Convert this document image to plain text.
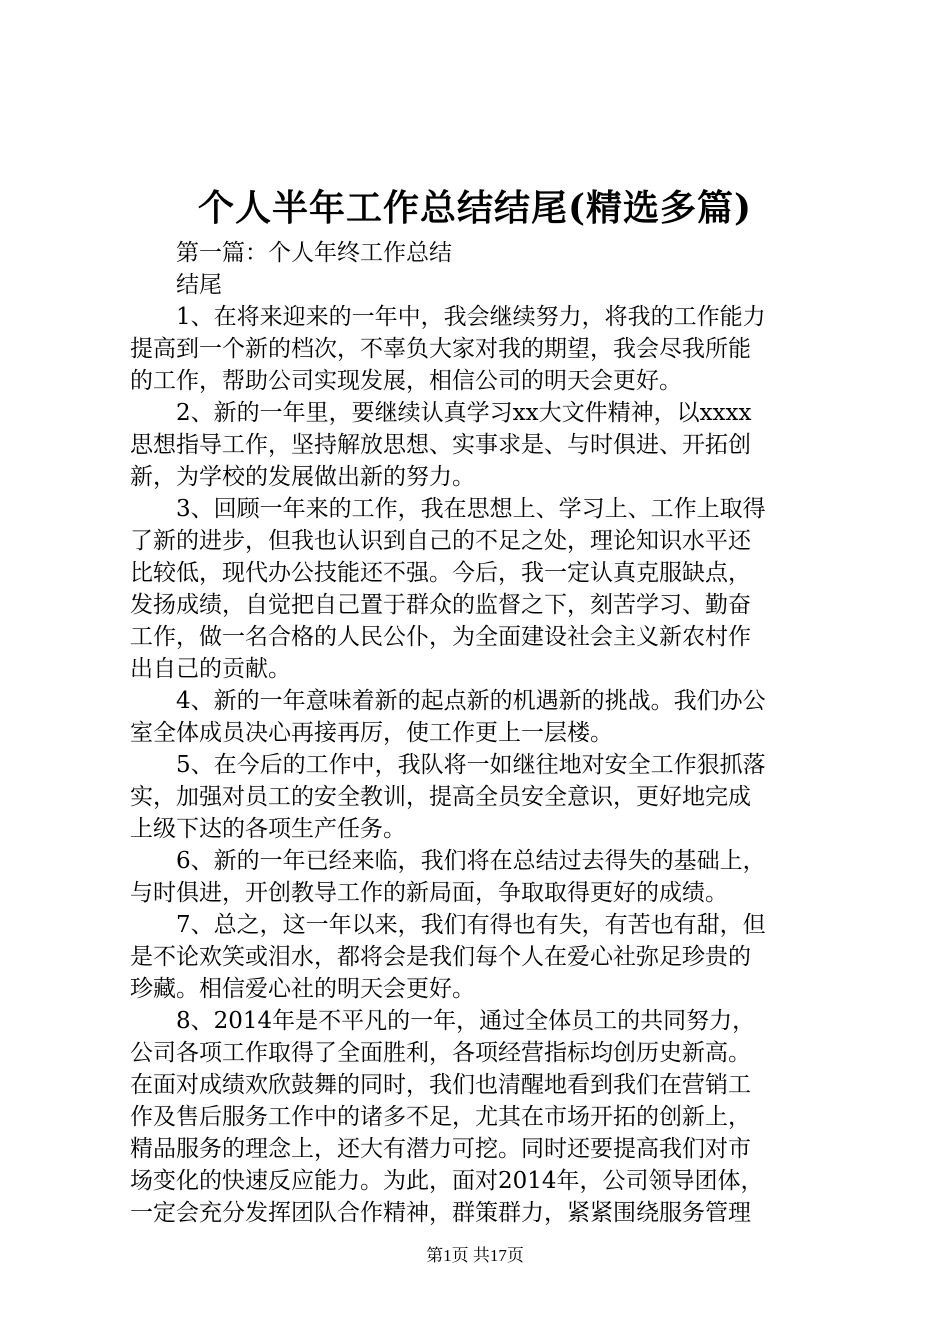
个人半年工作总结结尾(精选多篇)
第一篇：个人年终工作总结
结尾
1、在将来迎来的一年中，我会继续努力，将我的工作能力
提高到一个新的档次，不辜负大家对我的期望，我会尽我所能
的工作，帮助公司实现发展，相信公司的明天会更好。
2、新的一年里，要继续认真学习xx大文件精神，以xxxx
思想指导工作，坚持解放思想、实事求是、与时俱进、开拓创
新，为学校的发展做出新的努力。
3、回顾一年来的工作，我在思想上、学习上、工作上取得
了新的进步，但我也认识到自己的不足之处，理论知识水平还
比较低，现代办公技能还不强。今后，我一定认真克服缺点，
发扬成绩，自觉把自己置于群众的监督之下，刻苦学习、勤奋
工作，做一名合格的人民公仆，为全面建设社会主义新农村作
出自己的贡献。
4、新的一年意味着新的起点新的机遇新的挑战。我们办公
室全体成员决心再接再厉，使工作更上一层楼。
5、在今后的工作中，我队将一如继往地对安全工作狠抓落
实，加强对员工的安全教训，提高全员安全意识，更好地完成
上级下达的各项生产任务。
6、新的一年已经来临，我们将在总结过去得失的基础上，
与时俱进，开创教导工作的新局面，争取取得更好的成绩。
7、总之，这一年以来，我们有得也有失，有苦也有甜，但
是不论欢笑或泪水，都将会是我们每个人在爱心社弥足珍贵的
珍藏。相信爱心社的明天会更好。
8、2014年是不平凡的一年，通过全体员工的共同努力，
公司各项工作取得了全面胜利，各项经营指标均创历史新高。
在面对成绩欢欣鼓舞的同时，我们也清醒地看到我们在营销工
作及售后服务工作中的诸多不足，尤其在市场开拓的创新上，
精品服务的理念上，还大有潜力可挖。同时还要提高我们对市
场变化的快速反应能力。为此，面对2014年，公司领导团体，
一定会充分发挥团队合作精神，群策群力，紧紧围绕服务管理
第1页 共17页
